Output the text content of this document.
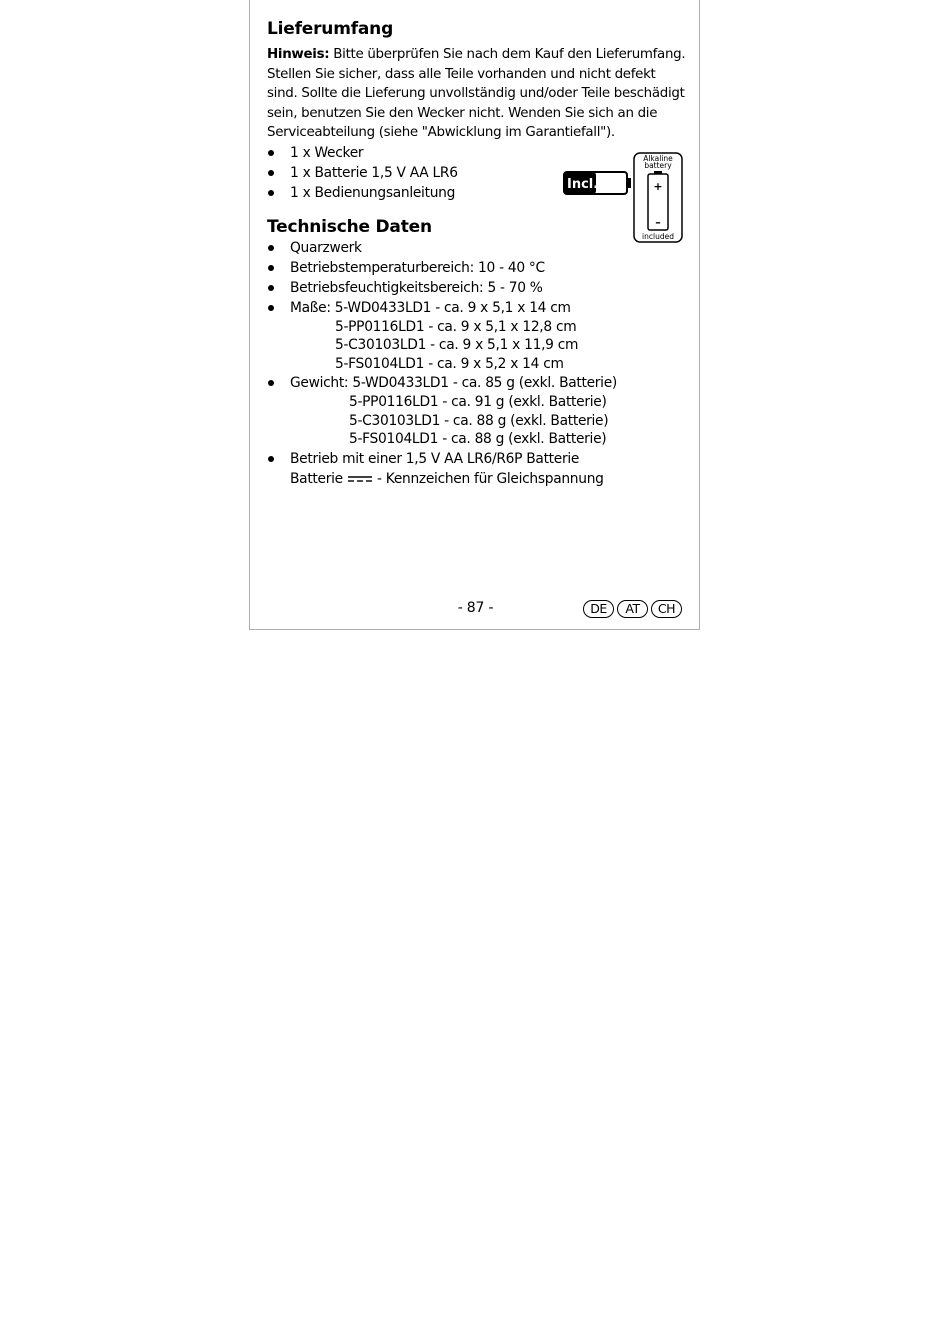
Lieferumfang

Hinweis: Bitte überprüfen Sie nach dem Kauf den Lieferumfang. Stellen Sie sicher, dass alle Teile vorhanden und nicht defekt sind. Sollte die Lieferung unvollständig und/oder Teile beschädigt sein, benutzen Sie den Wecker nicht. Wenden Sie sich an die Serviceabteilung (siehe "Abwicklung im Garantiefall").

1 x Wecker
1 x Batterie 1,5 V AA LR6
1 x Bedienungsanleitung
Technische Daten
Quarzwerk
Betriebstemperaturbereich: 10 - 40 °C
Betriebsfeuchtigkeitsbereich: 5 - 70 %
Maße: 5-WD0433LD1 - ca. 9 x 5,1 x 14 cm
5-PP0116LD1 - ca. 9 x 5,1 x 12,8 cm
5-C30103LD1 - ca. 9 x 5,1 x 11,9 cm
5-FS0104LD1 - ca. 9 x 5,2 x 14 cm
Gewicht: 5-WD0433LD1 - ca. 85 g (exkl. Batterie)
5-PP0116LD1 - ca. 91 g (exkl. Batterie)
5-C30103LD1 - ca. 88 g (exkl. Batterie)
5-FS0104LD1 - ca. 88 g (exkl. Batterie)
Betrieb mit einer 1,5 V AA LR6/R6P Batterie
Batterie  - Kennzeichen für Gleichspannung
Incl.
- 87 -	DE	AT	CH
Alkaline
battery
+
–
included
